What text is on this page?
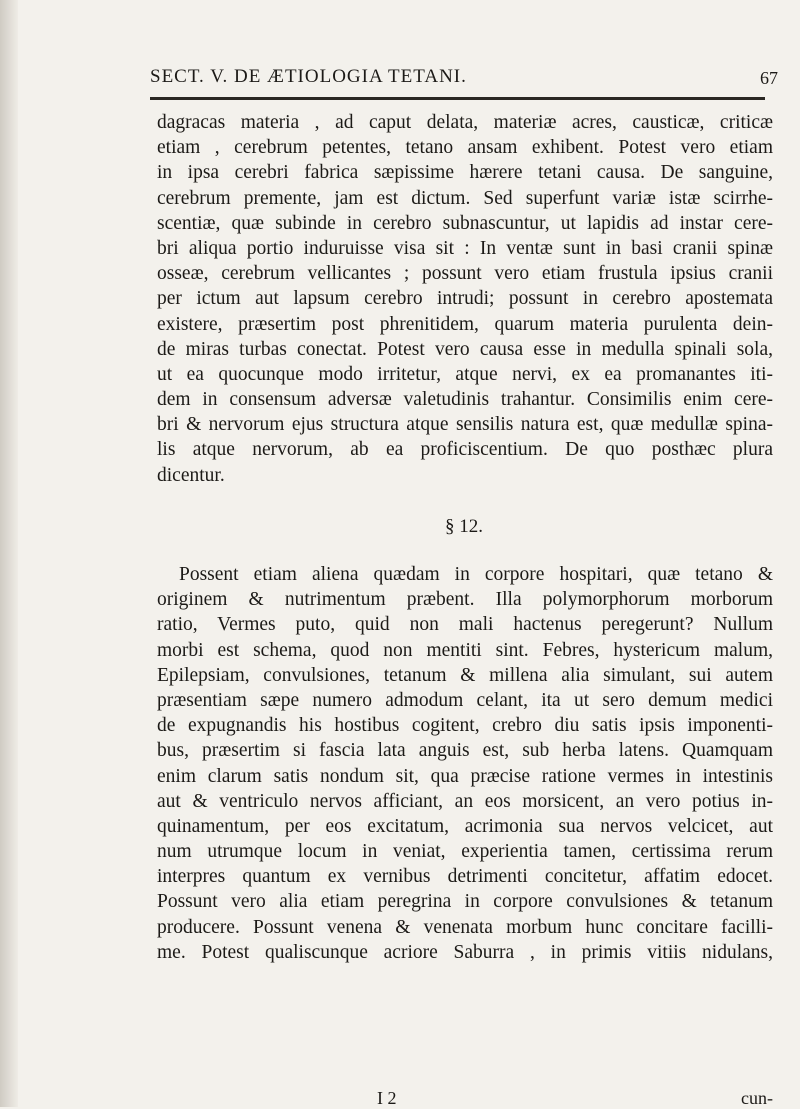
SECT. V. DE ÆTIOLOGIA TETANI.	67
dagracas materia , ad caput delata, materiæ acres, causticæ, criticæ
etiam , cerebrum petentes, tetano ansam exhibent. Potest vero etiam
in ipsa cerebri fabrica sæpissime hærere tetani causa. De sanguine,
cerebrum premente, jam est dictum. Sed superfunt variæ istæ scirrhe-
scentiæ, quæ subinde in cerebro subnascuntur, ut lapidis ad instar cere-
bri aliqua portio induruisse visa sit : In ventæ sunt in basi cranii spinæ
osseæ, cerebrum vellicantes ; possunt vero etiam frustula ipsius cranii
per ictum aut lapsum cerebro intrudi; possunt in cerebro apostemata
existere, præsertim post phrenitidem, quarum materia purulenta dein-
de miras turbas conectat. Potest vero causa esse in medulla spinali sola,
ut ea quocunque modo irritetur, atque nervi, ex ea promanantes iti-
dem in consensum adversæ valetudinis trahantur. Consimilis enim cere-
bri & nervorum ejus structura atque sensilis natura est, quæ medullæ spina-
lis atque nervorum, ab ea proficiscentium. De quo posthæc plura
dicentur.
§ 12.
Possent etiam aliena quædam in corpore hospitari, quæ tetano &
originem & nutrimentum præbent. Illa polymorphorum morborum
ratio, Vermes puto, quid non mali hactenus peregerunt? Nullum
morbi est schema, quod non mentiti sint. Febres, hystericum malum,
Epilepsiam, convulsiones, tetanum & millena alia simulant, sui autem
præsentiam sæpe numero admodum celant, ita ut sero demum medici
de expugnandis his hostibus cogitent, crebro diu satis ipsis imponenti-
bus, præsertim si fascia lata anguis est, sub herba latens. Quamquam
enim clarum satis nondum sit, qua præcise ratione vermes in intestinis
aut & ventriculo nervos afficiant, an eos morsicent, an vero potius in-
quinamentum, per eos excitatum, acrimonia sua nervos velcicet, aut
num utrumque locum in veniat, experientia tamen, certissima rerum
interpres quantum ex vernibus detrimenti concitetur, affatim edocet.
Possunt vero alia etiam peregrina in corpore convulsiones & tetanum
producere. Possunt venena & venenata morbum hunc concitare facilli-
me. Potest qualiscunque acriore Saburra , in primis vitiis nidulans,
I 2	cun-
